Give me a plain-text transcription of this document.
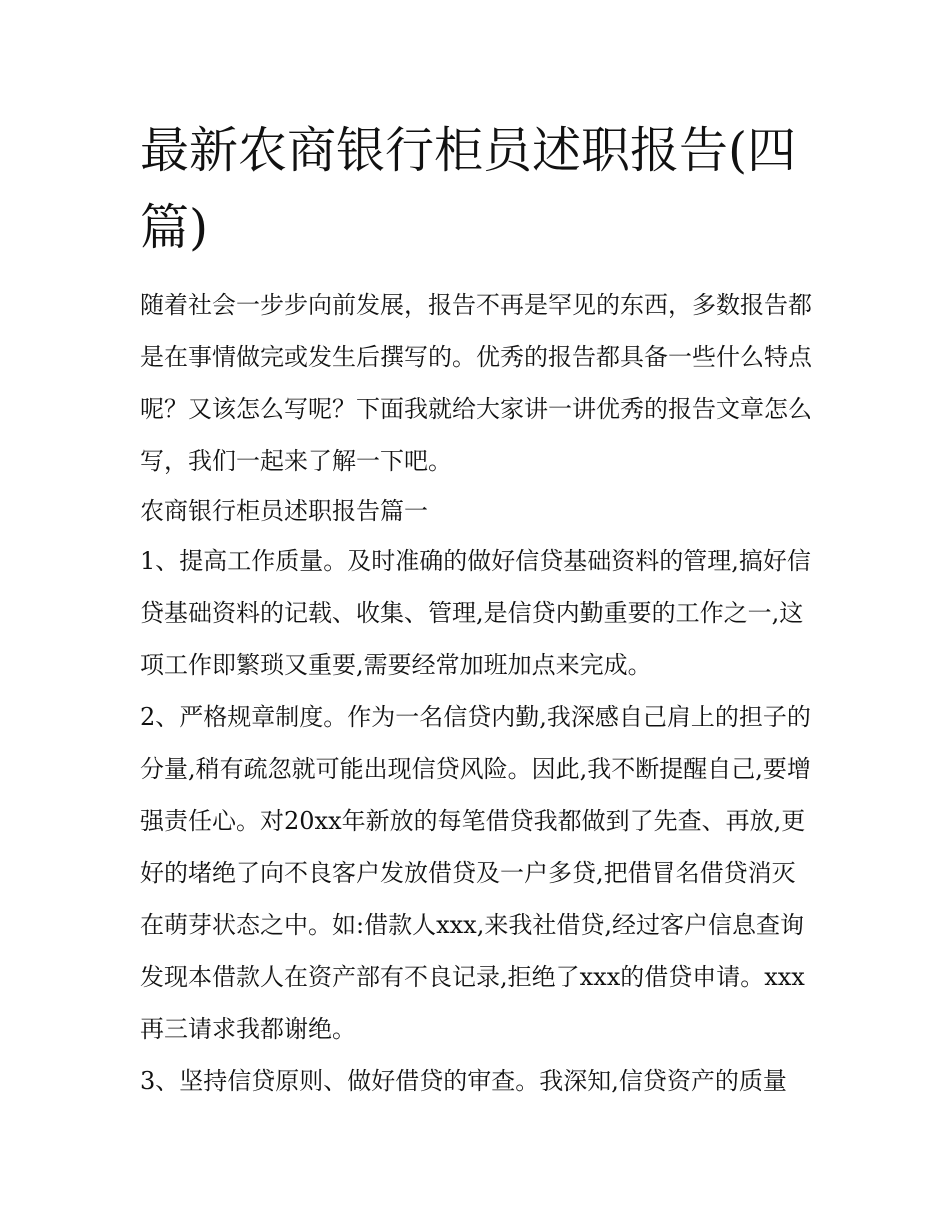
最新农商银行柜员述职报告(四篇)

随着社会一步步向前发展，报告不再是罕见的东西，多数报告都是在事情做完或发生后撰写的。优秀的报告都具备一些什么特点呢？又该怎么写呢？下面我就给大家讲一讲优秀的报告文章怎么写，我们一起来了解一下吧。

农商银行柜员述职报告篇一

1、提高工作质量。及时准确的做好信贷基础资料的管理,搞好信贷基础资料的记载、收集、管理,是信贷内勤重要的工作之一,这项工作即繁琐又重要,需要经常加班加点来完成。

2、严格规章制度。作为一名信贷内勤,我深感自己肩上的担子的分量,稍有疏忽就可能出现信贷风险。因此,我不断提醒自己,要增强责任心。对20xx年新放的每笔借贷我都做到了先查、再放,更好的堵绝了向不良客户发放借贷及一户多贷,把借冒名借贷消灭在萌芽状态之中。如:借款人xxx,来我社借贷,经过客户信息查询发现本借款人在资产部有不良记录,拒绝了xxx的借贷申请。xxx再三请求我都谢绝。

3、坚持信贷原则、做好借贷的审查。我深知,信贷资产的质量
